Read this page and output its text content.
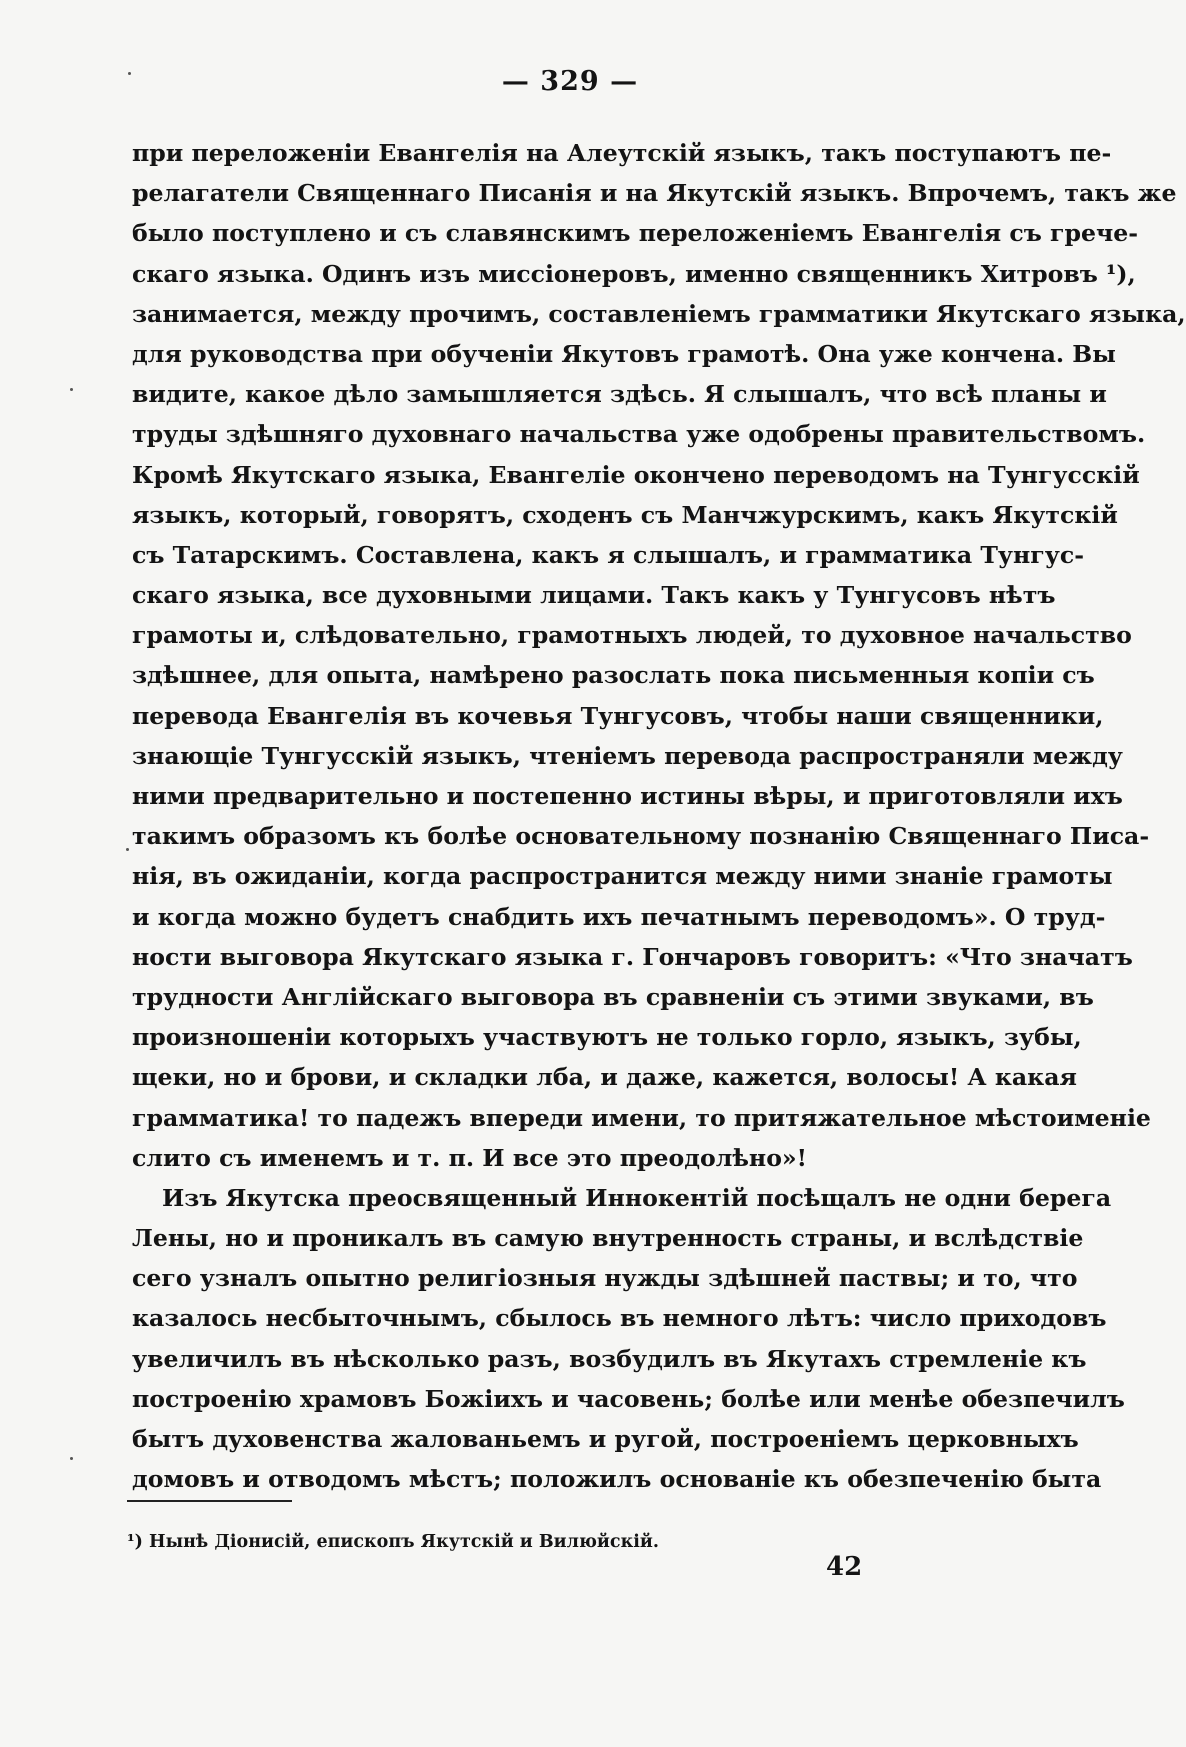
— 329 —
при переложеніи Евангелія на Алеутскій языкъ, такъ поступаютъ пе-
релагатели Священнаго Писанія и на Якутскій языкъ. Впрочемъ, такъ же
было поступлено и съ славянскимъ переложеніемъ Евангелія съ грече-
скаго языка. Одинъ изъ миссіонеровъ, именно священникъ Хитровъ ¹),
занимается, между прочимъ, составленіемъ грамматики Якутскаго языка,
для руководства при обученіи Якутовъ грамотѣ. Она уже кончена. Вы
видите, какое дѣло замышляется здѣсь. Я слышалъ, что всѣ планы и
труды здѣшняго духовнаго начальства уже одобрены правительствомъ.
Кромѣ Якутскаго языка, Евангеліе окончено переводомъ на Тунгусскій
языкъ, который, говорятъ, сходенъ съ Манчжурскимъ, какъ Якутскій
съ Татарскимъ. Составлена, какъ я слышалъ, и грамматика Тунгус-
скаго языка, все духовными лицами. Такъ какъ у Тунгусовъ нѣтъ
грамоты и, слѣдовательно, грамотныхъ людей, то духовное начальство
здѣшнее, для опыта, намѣрено разослать пока письменныя копіи съ
перевода Евангелія въ кочевья Тунгусовъ, чтобы наши священники,
знающіе Тунгусскій языкъ, чтеніемъ перевода распространяли между
ними предварительно и постепенно истины вѣры, и приготовляли ихъ
такимъ образомъ къ болѣе основательному познанію Священнаго Писа-
нія, въ ожиданіи, когда распространится между ними знаніе грамоты
и когда можно будетъ снабдить ихъ печатнымъ переводомъ». О труд-
ности выговора Якутскаго языка г. Гончаровъ говоритъ: «Что значатъ
трудности Англійскаго выговора въ сравненіи съ этими звуками, въ
произношеніи которыхъ участвуютъ не только горло, языкъ, зубы,
щеки, но и брови, и складки лба, и даже, кажется, волосы! А какая
грамматика! то падежъ впереди имени, то притяжательное мѣстоименіе
слито съ именемъ и т. п. И все это преодолѣно»!
Изъ Якутска преосвященный Иннокентій посѣщалъ не одни берега
Лены, но и проникалъ въ самую внутренность страны, и вслѣдствіе
сего узналъ опытно религіозныя нужды здѣшней паствы; и то, что
казалось несбыточнымъ, сбылось въ немного лѣтъ: число приходовъ
увеличилъ въ нѣсколько разъ, возбудилъ въ Якутахъ стремленіе къ
построенію храмовъ Божіихъ и часовень; болѣе или менѣе обезпечилъ
бытъ духовенства жалованьемъ и ругой, построеніемъ церковныхъ
домовъ и отводомъ мѣстъ; положилъ основаніе къ обезпеченію быта
¹) Нынѣ Діонисій, епископъ Якутскій и Вилюйскій.
42
